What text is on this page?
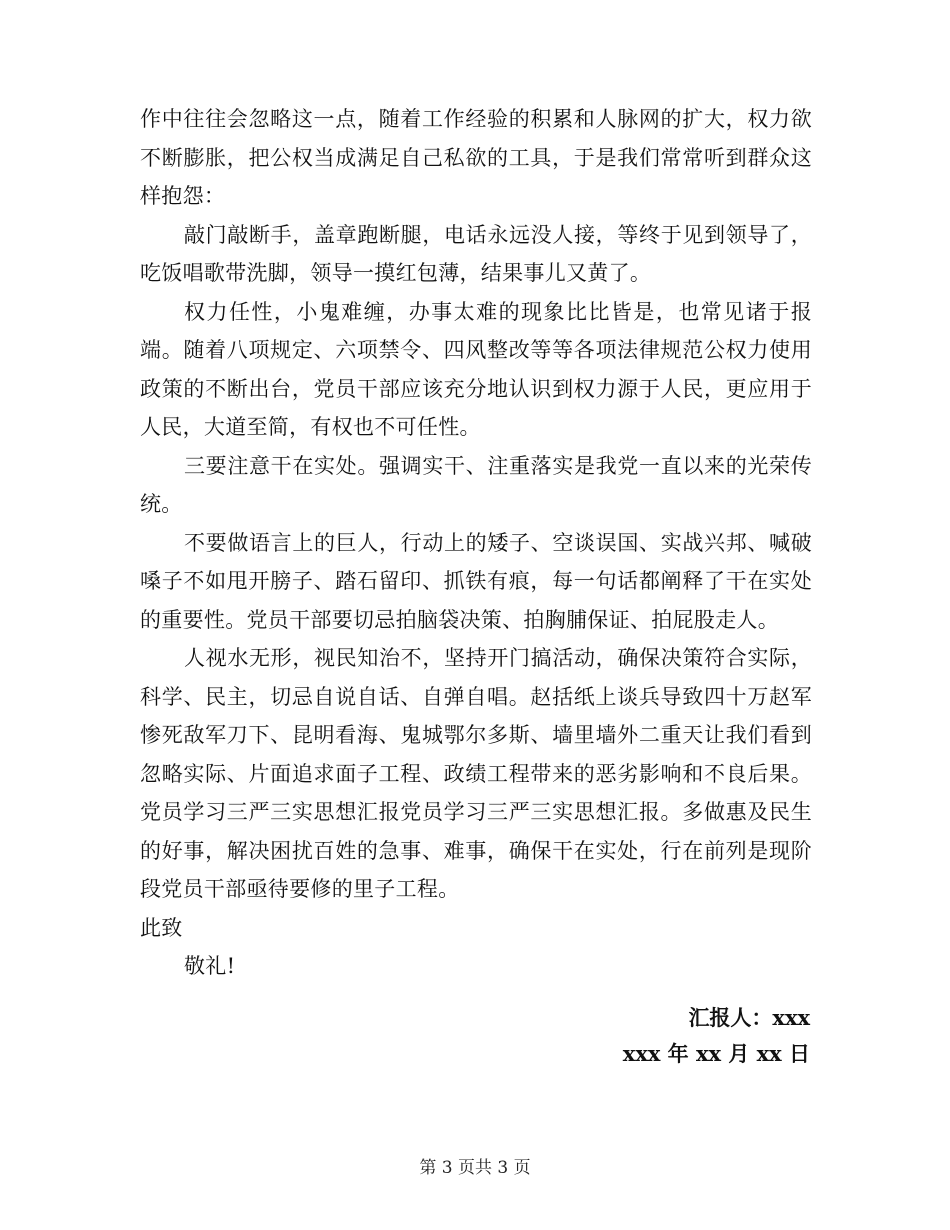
作中往往会忽略这一点，随着工作经验的积累和人脉网的扩大，权力欲不断膨胀，把公权当成满足自己私欲的工具，于是我们常常听到群众这样抱怨：

敲门敲断手，盖章跑断腿，电话永远没人接，等终于见到领导了，吃饭唱歌带洗脚，领导一摸红包薄，结果事儿又黄了。

权力任性，小鬼难缠，办事太难的现象比比皆是，也常见诸于报端。随着八项规定、六项禁令、四风整改等等各项法律规范公权力使用政策的不断出台，党员干部应该充分地认识到权力源于人民，更应用于人民，大道至简，有权也不可任性。

三要注意干在实处。强调实干、注重落实是我党一直以来的光荣传统。

不要做语言上的巨人，行动上的矮子、空谈误国、实战兴邦、喊破嗓子不如甩开膀子、踏石留印、抓铁有痕，每一句话都阐释了干在实处的重要性。党员干部要切忌拍脑袋决策、拍胸脯保证、拍屁股走人。

人视水无形，视民知治不，坚持开门搞活动，确保决策符合实际，科学、民主，切忌自说自话、自弹自唱。赵括纸上谈兵导致四十万赵军惨死敌军刀下、昆明看海、鬼城鄂尔多斯、墙里墙外二重天让我们看到忽略实际、片面追求面子工程、政绩工程带来的恶劣影响和不良后果。党员学习三严三实思想汇报党员学习三严三实思想汇报。多做惠及民生的好事，解决困扰百姓的急事、难事，确保干在实处，行在前列是现阶段党员干部亟待要修的里子工程。

此致

敬礼!

汇报人：xxx
xxx 年 xx 月 xx 日
第 3 页共 3 页
